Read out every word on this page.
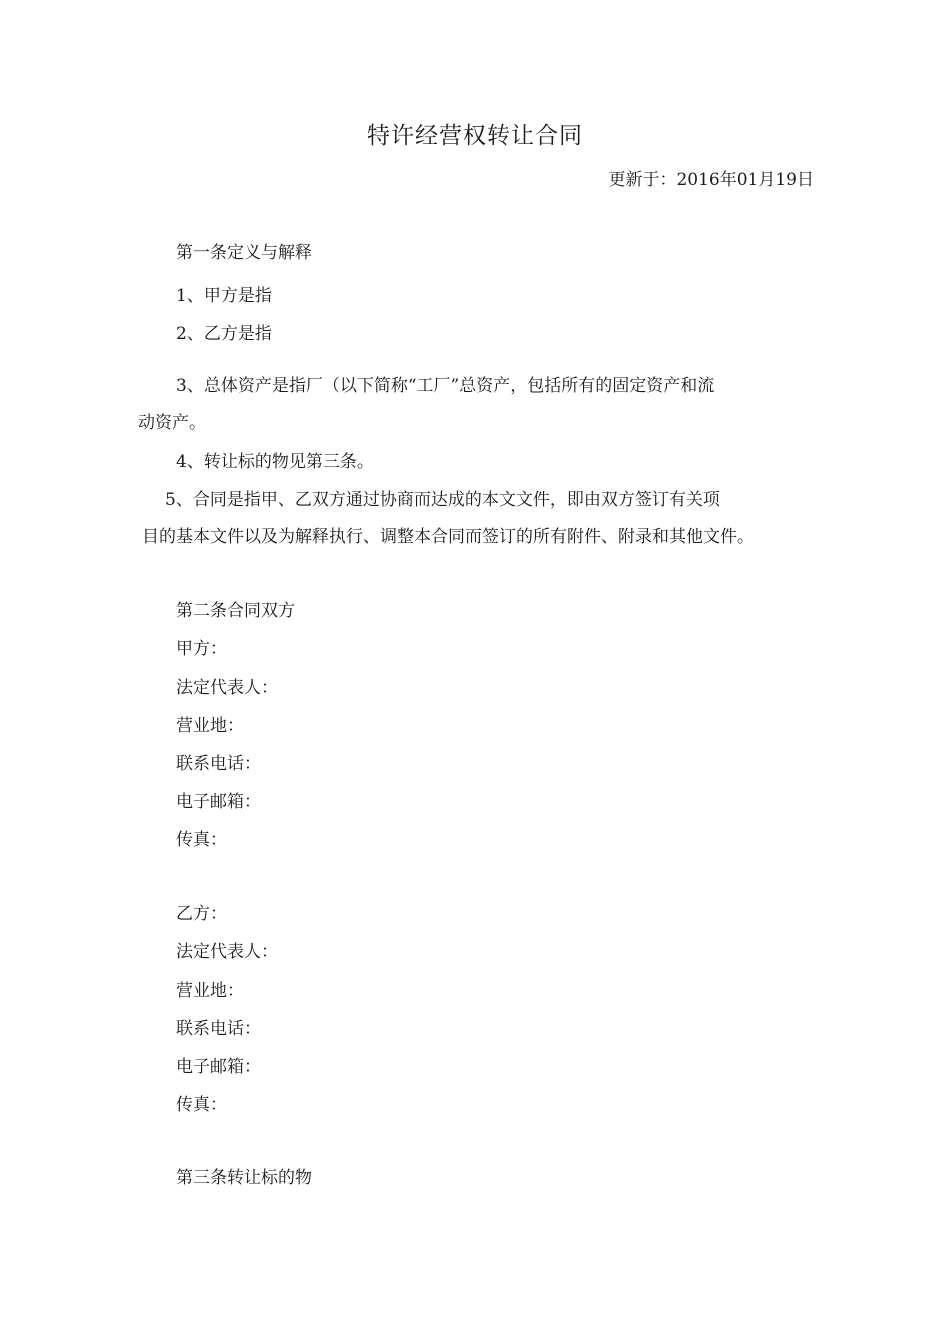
特许经营权转让合同
更新于：2016年01月19日
第一条定义与解释
1、甲方是指
2、乙方是指
3、总体资产是指厂（以下简称“工厂”总资产，包括所有的固定资产和流
动资产。
4、转让标的物见第三条。
5、合同是指甲、乙双方通过协商而达成的本文文件，即由双方签订有关项
目的基本文件以及为解释执行、调整本合同而签订的所有附件、附录和其他文件。
第二条合同双方
甲方：
法定代表人：
营业地：
联系电话：
电子邮箱：
传真：
乙方：
法定代表人：
营业地：
联系电话：
电子邮箱：
传真：
第三条转让标的物
